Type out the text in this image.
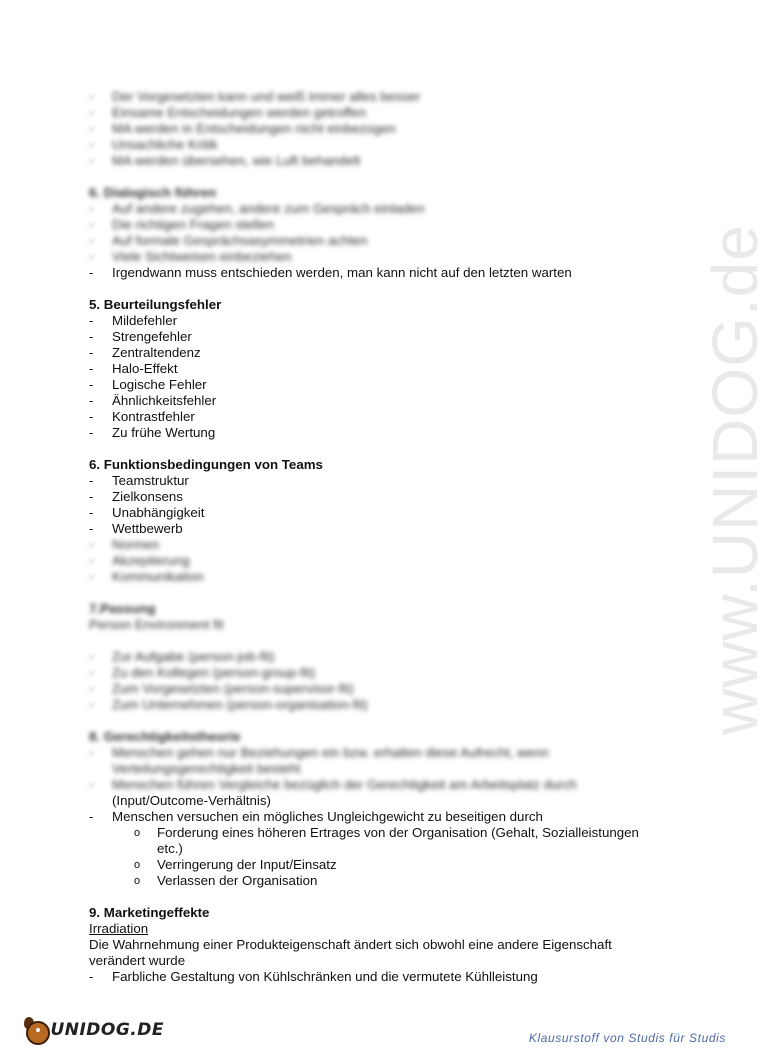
www.UNIDOG.de
-
Der Vorgesetzten kann und weiß immer alles besser
-
Einsame Entscheidungen werden getroffen
-
MA werden in Entscheidungen nicht einbezogen
-
Unsachliche Kritik
-
MA werden übersehen, wie Luft behandelt
6. Dialogisch führen
-
Auf andere zugehen, andere zum Gespräch einladen
-
Die richtigen Fragen stellen
-
Auf formale Gesprächsasymmetrien achten
-
Viele Sichtweisen einbeziehen
-
Irgendwann muss entschieden werden, man kann nicht auf den letzten warten
5. Beurteilungsfehler
-
Mildefehler
-
Strengefehler
-
Zentraltendenz
-
Halo-Effekt
-
Logische Fehler
-
Ähnlichkeitsfehler
-
Kontrastfehler
-
Zu frühe Wertung
6. Funktionsbedingungen von Teams
-
Teamstruktur
-
Zielkonsens
-
Unabhängigkeit
-
Wettbewerb
-
Normen
-
Akzeptierung
-
Kommunikation
7.Passung
Person Environment fit
-
Zur Aufgabe (person-job-fit)
-
Zu den Kollegen (person-group-fit)
-
Zum Vorgesetzten (person-supervisor-fit)
-
Zum Unternehmen (person-organisation-fit)
8. Gerechtigkeitstheorie
-
Menschen gehen nur Beziehungen ein bzw. erhalten diese Aufrecht, wenn
Verteilungsgerechtigkeit besteht
-
Menschen führen Vergleiche bezüglich der Gerechtigkeit am Arbeitsplatz durch
(Input/Outcome-Verhältnis)
-
Menschen versuchen ein mögliches Ungleichgewicht zu beseitigen durch
o
Forderung eines höheren Ertrages von der Organisation (Gehalt, Sozialleistungen
etc.)
o
Verringerung der Input/Einsatz
o
Verlassen der Organisation
9. Marketingeffekte
Irradiation
Die Wahrnehmung einer Produkteigenschaft ändert sich obwohl eine andere Eigenschaft
verändert wurde
-
Farbliche Gestaltung von Kühlschränken und die vermutete Kühlleistung
UNIDOG.DE	Klausurstoff von Studis für Studis
